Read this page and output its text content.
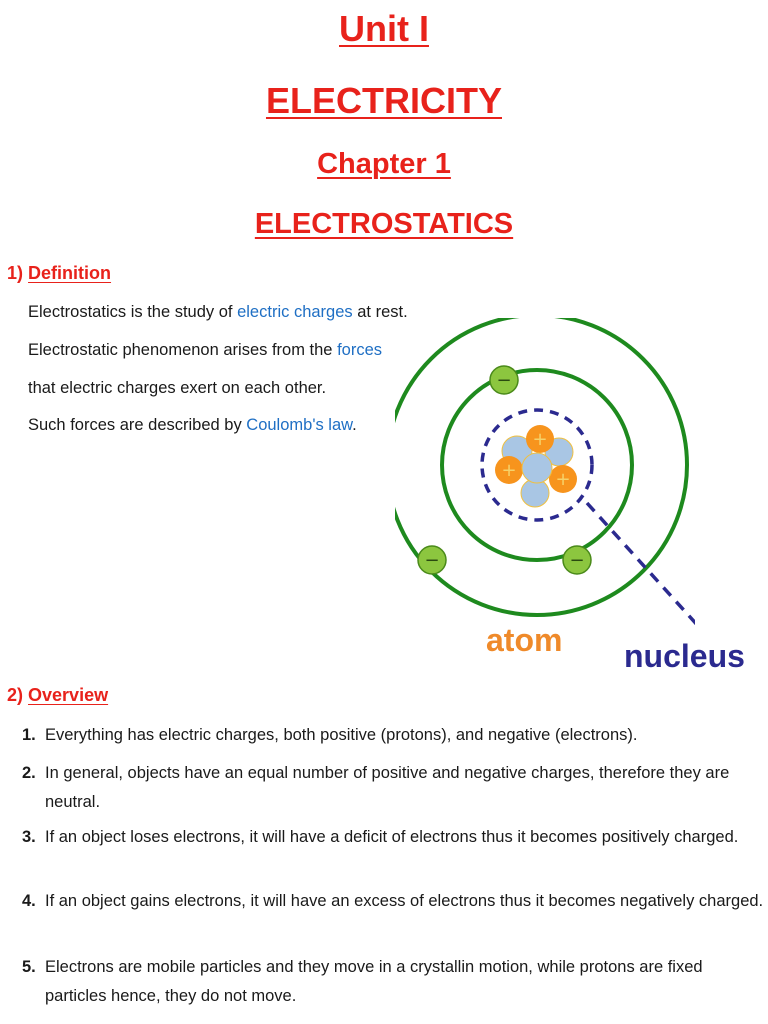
Unit I
ELECTRICITY
Chapter 1
ELECTROSTATICS
1) Definition
Electrostatics is the study of electric charges at rest.
Electrostatic phenomenon arises from the forces
that electric charges exert on each other.
Such forces are described by Coulomb's law.
+
+ +
−
−	−
atom nucleus
2) Overview
1. Everything has electric charges, both positive (protons), and negative (electrons).
2. In general, objects have an equal number of positive and negative charges, therefore they are neutral.
3. If an object loses electrons, it will have a deficit of electrons thus it becomes positively charged.
4. If an object gains electrons, it will have an excess of electrons thus it becomes negatively charged.
5. Electrons are mobile particles and they move in a crystallin motion, while protons are fixed particles hence, they do not move.
